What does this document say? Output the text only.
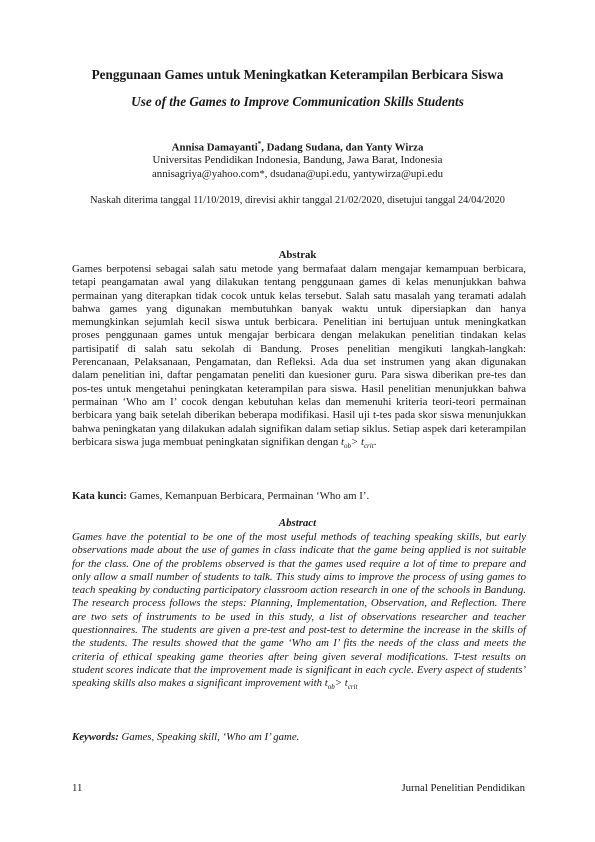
Penggunaan Games untuk Meningkatkan Keterampilan Berbicara Siswa
Use of the Games to Improve Communication Skills Students
Annisa Damayanti*, Dadang Sudana, dan Yanty Wirza
Universitas Pendidikan Indonesia, Bandung, Jawa Barat, Indonesia
annisagriya@yahoo.com*, dsudana@upi.edu, yantywirza@upi.edu
Naskah diterima tanggal 11/10/2019, direvisi akhir tanggal 21/02/2020, disetujui tanggal 24/04/2020
Abstrak

Games berpotensi sebagai salah satu metode yang bermafaat dalam mengajar kemampuan berbicara, tetapi peangamatan awal yang dilakukan tentang penggunaan games di kelas menunjukkan bahwa permainan yang diterapkan tidak cocok untuk kelas tersebut. Salah satu masalah yang teramati adalah bahwa games yang digunakan membutuhkan banyak waktu untuk dipersiapkan dan hanya memungkinkan sejumlah kecil siswa untuk berbicara. Penelitian ini bertujuan untuk meningkatkan proses penggunaan games untuk mengajar berbicara dengan melakukan penelitian tindakan kelas partisipatif di salah satu sekolah di Bandung. Proses penelitian mengikuti langkah-langkah: Perencanaan, Pelaksanaan, Pengamatan, dan Refleksi. Ada dua set instrumen yang akan digunakan dalam penelitian ini, daftar pengamatan peneliti dan kuesioner guru. Para siswa diberikan pre-tes dan pos-tes untuk mengetahui peningkatan keterampilan para siswa. Hasil penelitian menunjukkan bahwa permainan ‘Who am I’ cocok dengan kebutuhan kelas dan memenuhi kriteria teori-teori permainan berbicara yang baik setelah diberikan beberapa modifikasi. Hasil uji t-tes pada skor siswa menunjukkan bahwa peningkatan yang dilakukan adalah signifikan dalam setiap siklus. Setiap aspek dari keterampilan berbicara siswa juga membuat peningkatan signifikan dengan $t_{ob}> t_{crit}$.

Kata kunci: Games, Kemanpuan Berbicara, Permainan ‘Who am I’.

Abstract

Games have the potential to be one of the most useful methods of teaching speaking skills, but early observations made about the use of games in class indicate that the game being applied is not suitable for the class. One of the problems observed is that the games used require a lot of time to prepare and only allow a small number of students to talk. This study aims to improve the process of using games to teach speaking by conducting participatory classroom action research in one of the schools in Bandung. The research process follows the steps: Planning, Implementation, Observation, and Reflection. There are two sets of instruments to be used in this study, a list of observations researcher and teacher questionnaires. The students are given a pre-test and post-test to determine the increase in the skills of the students. The results showed that the game ‘Who am I’ fits the needs of the class and meets the criteria of ethical speaking game theories after being given several modifications. T-test results on student scores indicate that the improvement made is significant in each cycle. Every aspect of students’ speaking skills also makes a significant improvement with $t_{ob}> t_{crit}$

Keywords: Games, Speaking skill, ‘Who am I’ game.

11	Jurnal Penelitian Pendidikan
